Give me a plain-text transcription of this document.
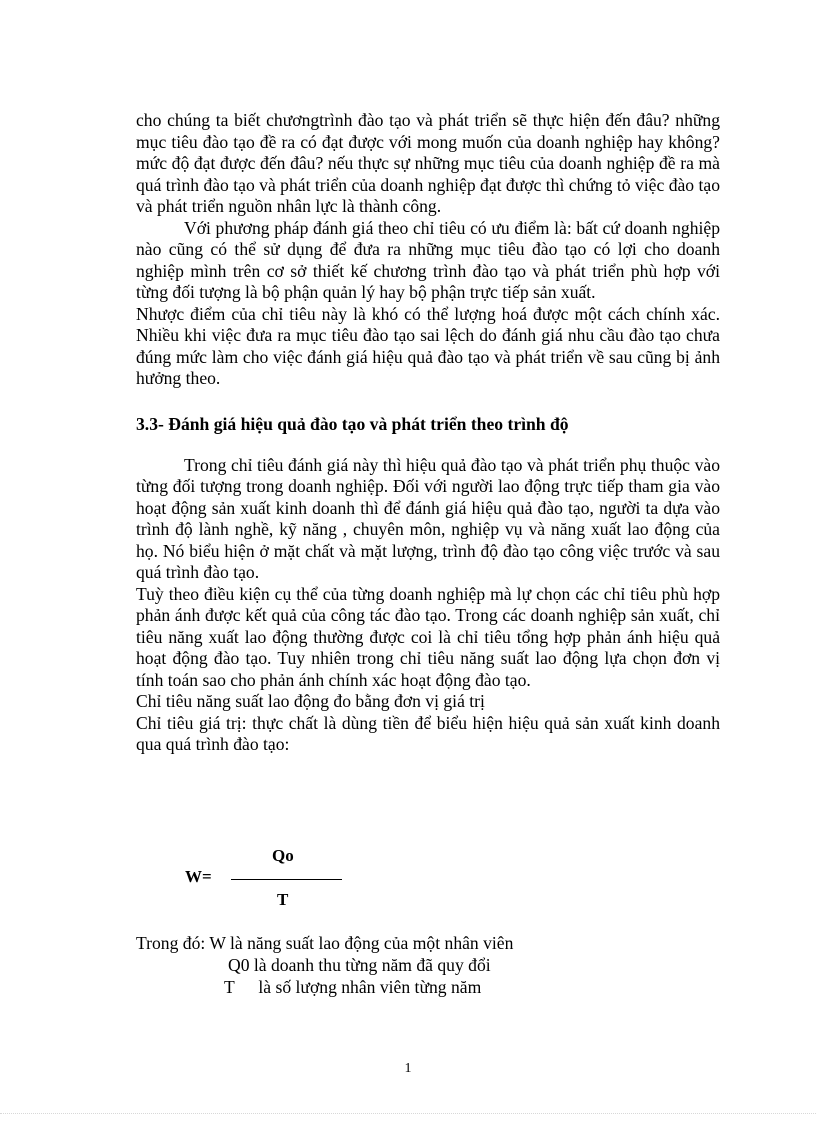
cho chúng ta biết chươngtrình đào tạo và phát triển sẽ thực hiện đến đâu? những mục tiêu đào tạo đề ra có đạt được với mong muốn của doanh nghiệp hay không? mức độ đạt được đến đâu? nếu thực sự những mục tiêu của doanh nghiệp đề ra mà quá trình đào tạo và phát triển của doanh nghiệp đạt được thì chứng tỏ việc đào tạo và phát triển nguồn nhân lực là thành công.

Với phương pháp đánh giá theo chỉ tiêu có ưu điểm là: bất cứ doanh nghiệp nào cũng có thể sử dụng để đưa ra những mục tiêu đào tạo có lợi cho doanh nghiệp mình trên cơ sở thiết kế chương trình đào tạo và phát triển phù hợp với từng đối tượng là bộ phận quản lý hay bộ phận trực tiếp sản xuất.

Nhược điểm của chỉ tiêu này là khó có thể lượng hoá được một cách chính xác. Nhiều khi việc đưa ra mục tiêu đào tạo sai lệch do đánh giá nhu cầu đào tạo chưa đúng mức làm cho việc đánh giá hiệu quả đào tạo và phát triển về sau cũng bị ảnh hưởng theo.

3.3- Đánh giá hiệu quả đào tạo và phát triển theo trình độ

Trong chỉ tiêu đánh giá này thì hiệu quả đào tạo và phát triển phụ thuộc vào từng đối tượng trong doanh nghiệp. Đối với người lao động trực tiếp tham gia vào hoạt động sản xuất kinh doanh thì để đánh giá hiệu quả đào tạo, người ta dựa vào trình độ lành nghề, kỹ năng , chuyên môn, nghiệp vụ và năng xuất lao động của họ. Nó biểu hiện ở mặt chất và mặt lượng, trình độ đào tạo công việc trước và sau quá trình đào tạo.

Tuỳ theo điều kiện cụ thể của từng doanh nghiệp mà lự chọn các chỉ tiêu phù hợp phản ánh được kết quả của công tác đào tạo. Trong các doanh nghiệp sản xuất, chỉ tiêu năng xuất lao động thường được coi là chỉ tiêu tổng hợp phản ánh hiệu quả hoạt động đào tạo. Tuy nhiên trong chỉ tiêu năng suất lao động lựa chọn đơn vị tính toán sao cho phản ánh chính xác hoạt động đào tạo.

Chỉ tiêu năng suất lao động đo bằng đơn vị giá trị

Chỉ tiêu giá trị: thực chất là dùng tiền để biểu hiện hiệu quả sản xuất kinh doanh qua quá trình đào tạo:

W=
Qo
T
Trong đó: W là năng suất lao động của một nhân viên
Q0 là doanh thu từng năm đã quy đổi
T là số lượng nhân viên từng năm
1
